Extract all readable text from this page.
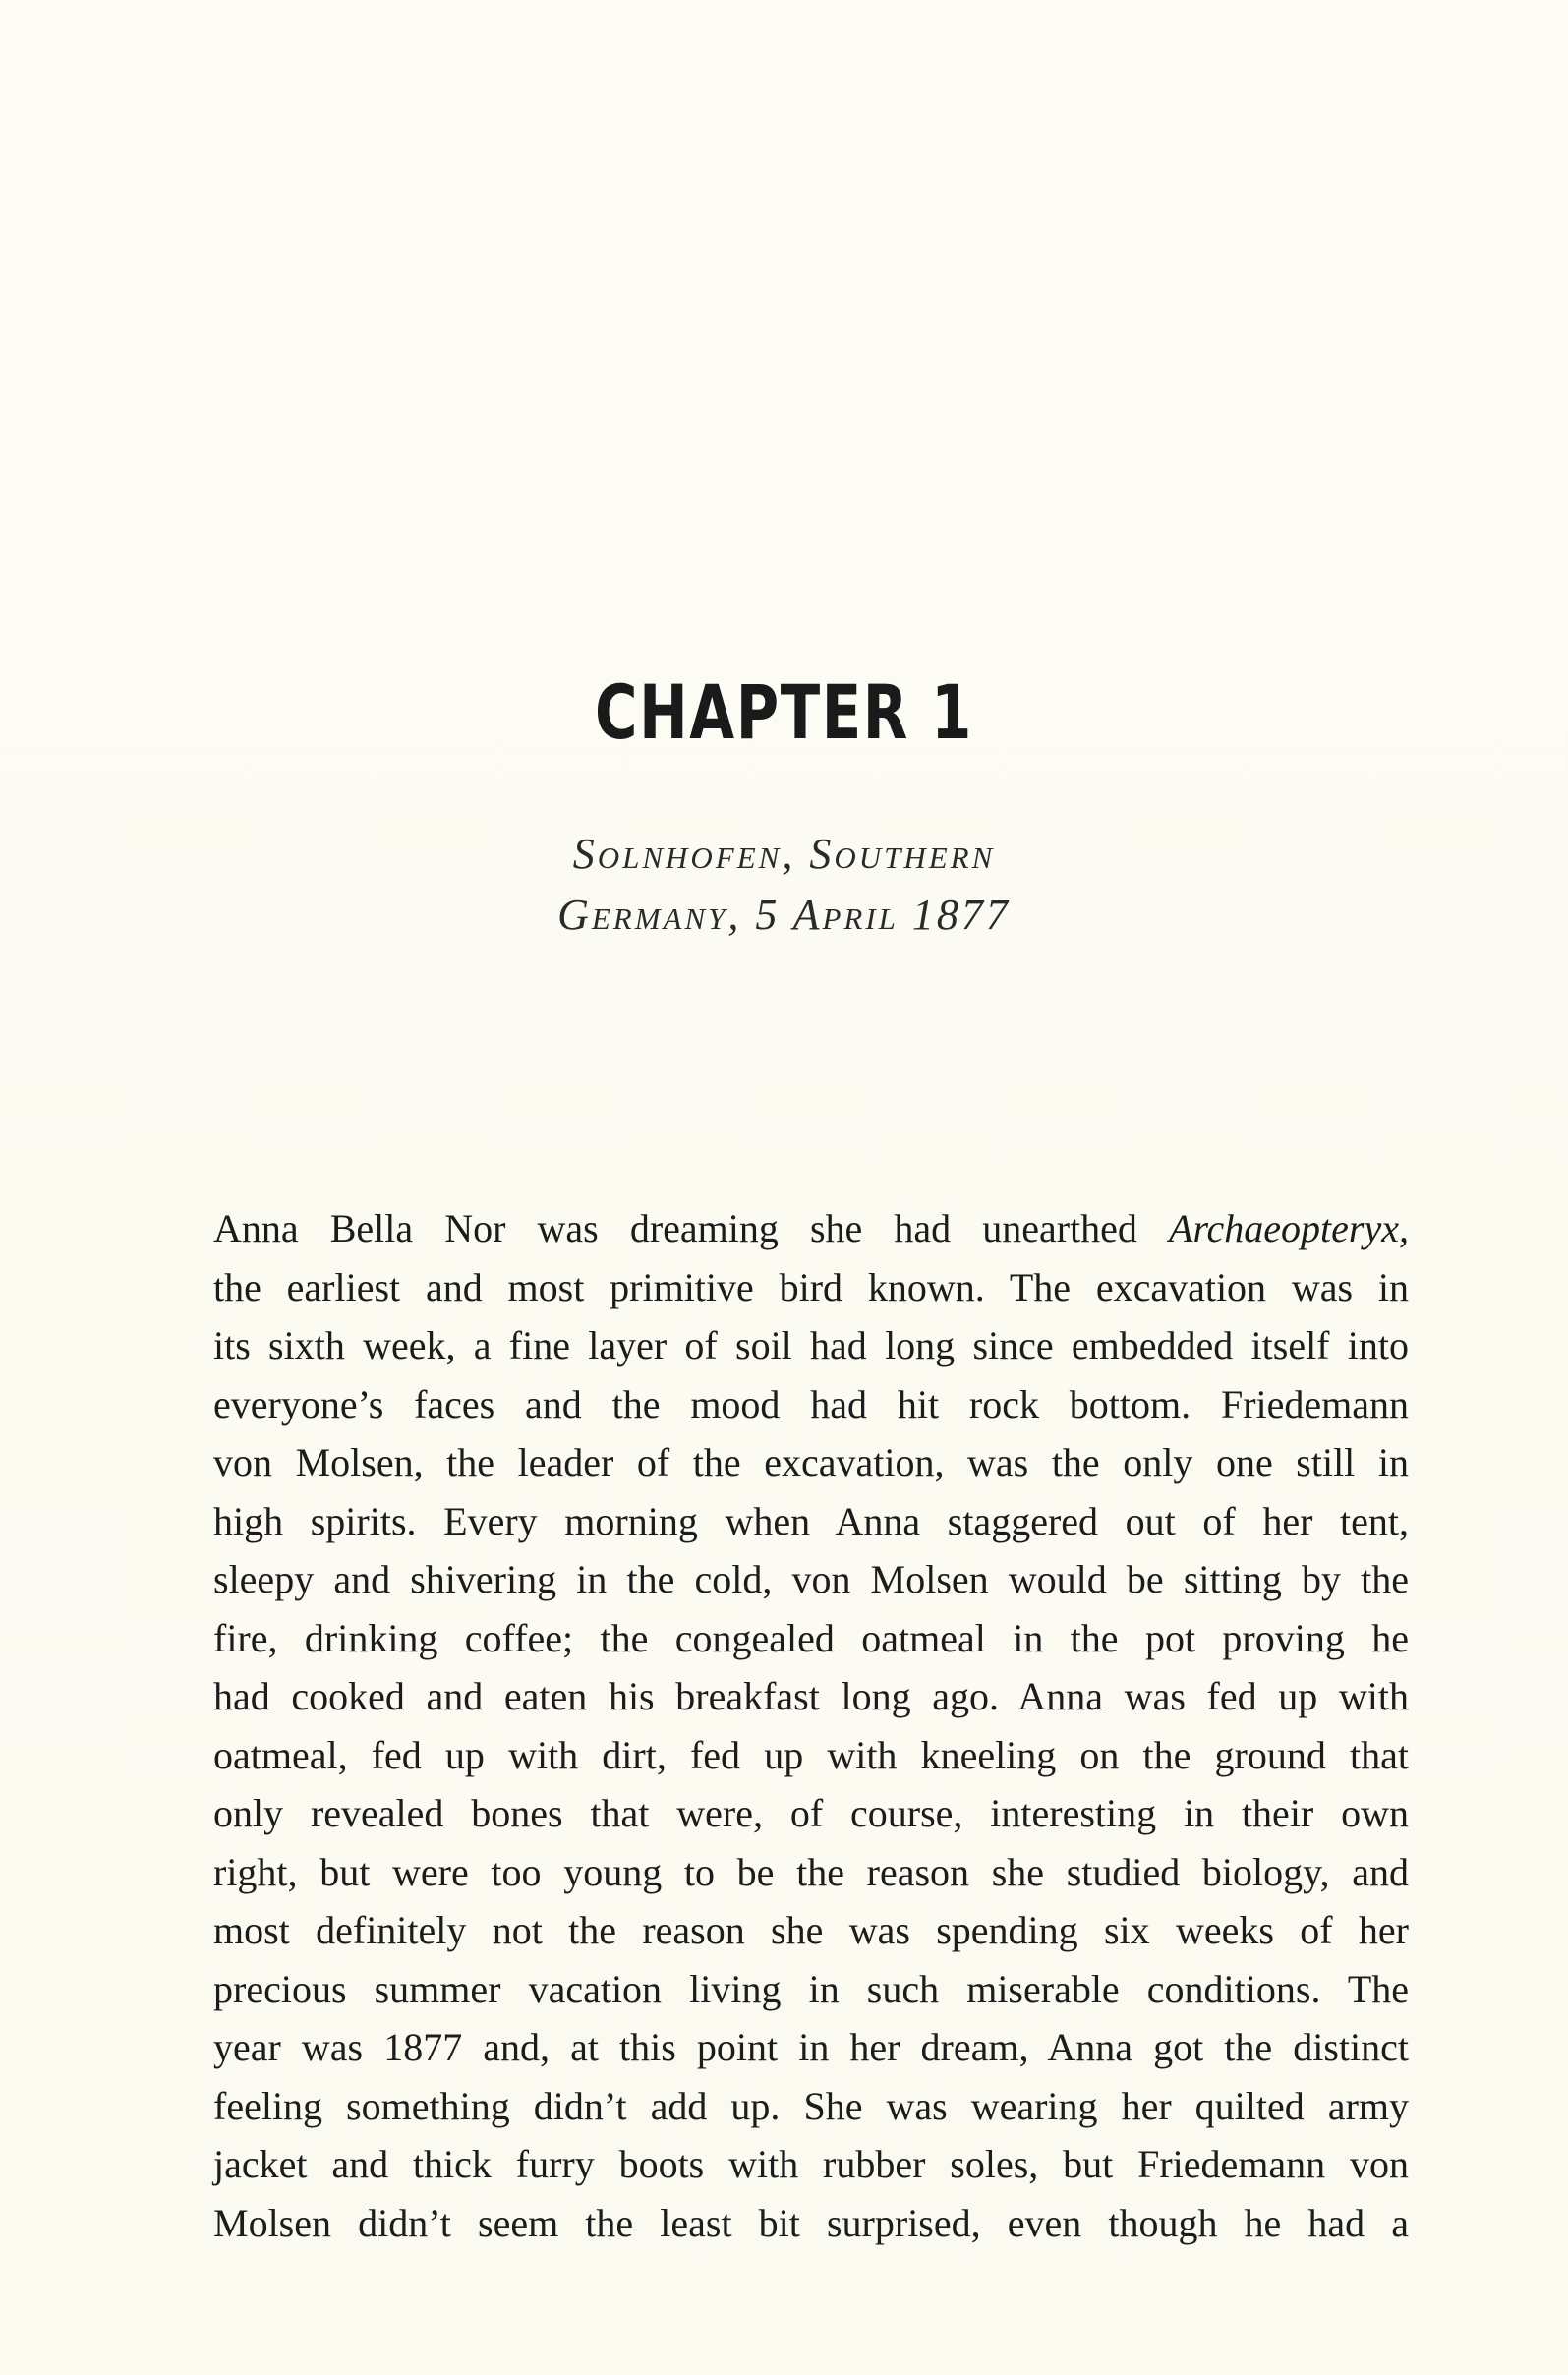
CHAPTER 1
Solnhofen, Southern
Germany, 5 April 1877
Anna Bella Nor was dreaming she had unearthed Archaeopteryx,
the earliest and most primitive bird known. The excavation was in
its sixth week, a fine layer of soil had long since embedded itself into
everyone’s faces and the mood had hit rock bottom. Friedemann
von Molsen, the leader of the excavation, was the only one still in
high spirits. Every morning when Anna staggered out of her tent,
sleepy and shivering in the cold, von Molsen would be sitting by the
fire, drinking coffee; the congealed oatmeal in the pot proving he
had cooked and eaten his breakfast long ago. Anna was fed up with
oatmeal, fed up with dirt, fed up with kneeling on the ground that
only revealed bones that were, of course, interesting in their own
right, but were too young to be the reason she studied biology, and
most definitely not the reason she was spending six weeks of her
precious summer vacation living in such miserable conditions. The
year was 1877 and, at this point in her dream, Anna got the distinct
feeling something didn’t add up. She was wearing her quilted army
jacket and thick furry boots with rubber soles, but Friedemann von
Molsen didn’t seem the least bit surprised, even though he had a
